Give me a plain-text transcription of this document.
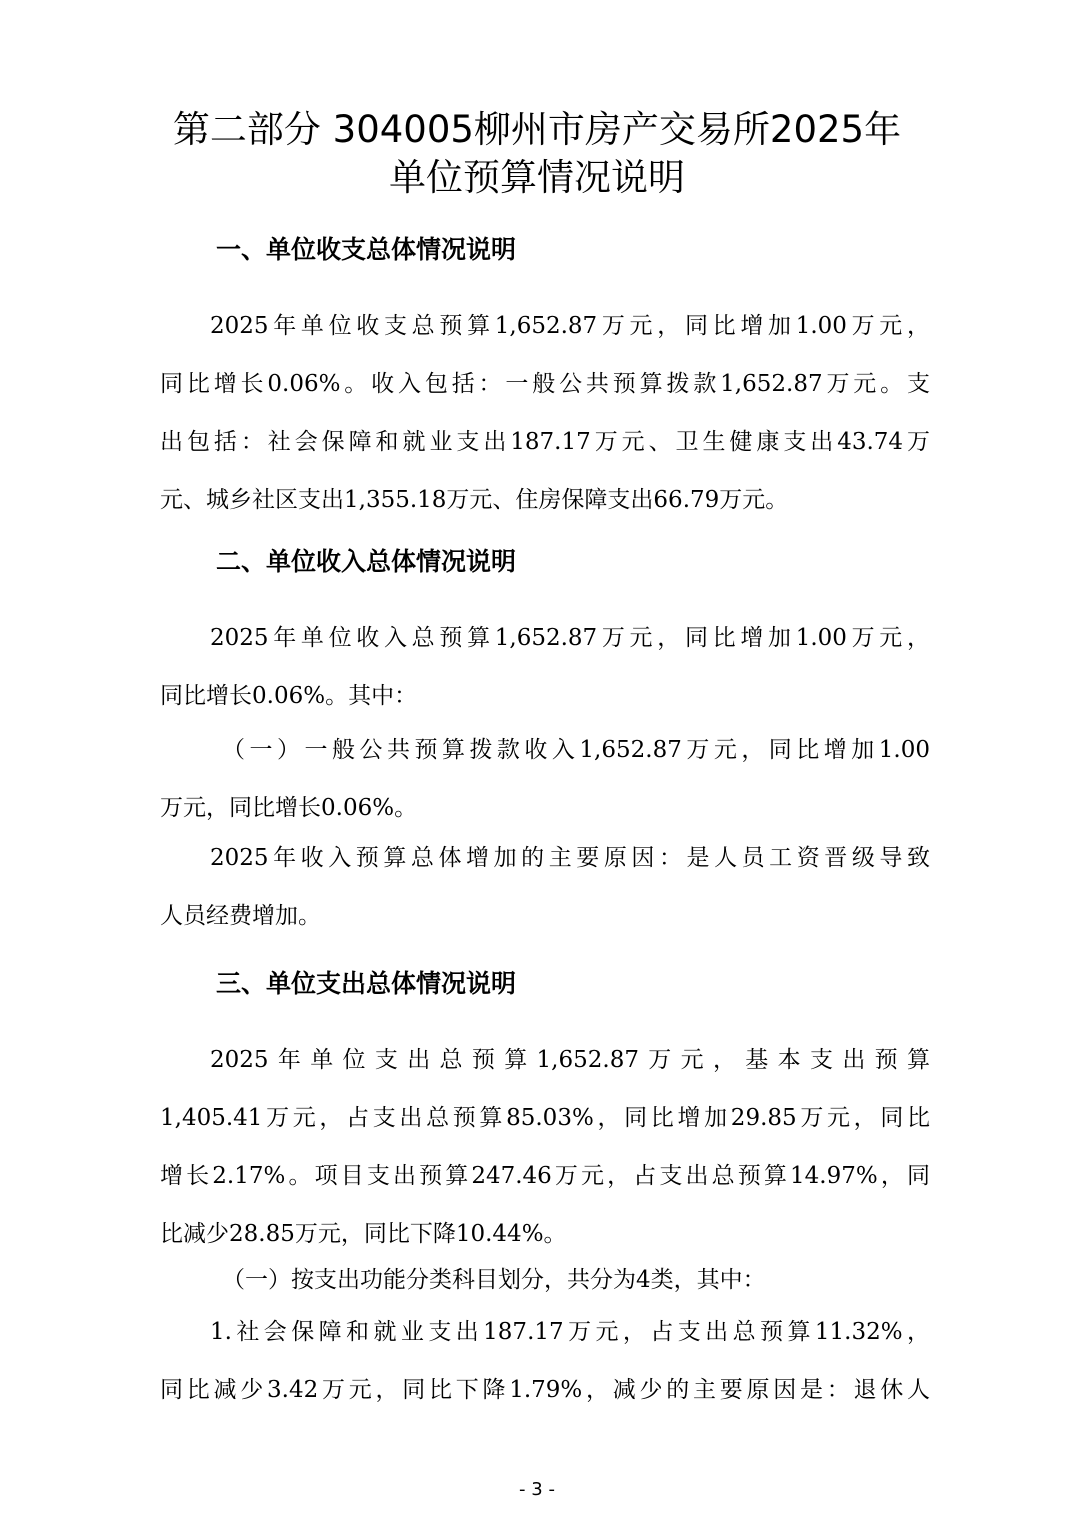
第二部分 304005柳州市房产交易所2025年
单位预算情况说明
一、单位收支总体情况说明
2025年单位收支总预算1,652.87万元，同比增加1.00万元，
同比增长0.06%。收入包括：一般公共预算拨款1,652.87万元。支
出包括：社会保障和就业支出187.17万元、卫生健康支出43.74万
元、城乡社区支出1,355.18万元、住房保障支出66.79万元。
二、单位收入总体情况说明
2025年单位收入总预算1,652.87万元，同比增加1.00万元，
同比增长0.06%。其中：
（一）一般公共预算拨款收入1,652.87万元，同比增加1.00
万元，同比增长0.06%。
2025年收入预算总体增加的主要原因：是人员工资晋级导致
人员经费增加。
三、单位支出总体情况说明
2025年单位支出总预算1,652.87万元，基本支出预算
1,405.41万元，占支出总预算85.03%，同比增加29.85万元，同比
增长2.17%。项目支出预算247.46万元，占支出总预算14.97%，同
比减少28.85万元，同比下降10.44%。
（一）按支出功能分类科目划分，共分为4类，其中：
1.社会保障和就业支出187.17万元，占支出总预算11.32%，
同比减少3.42万元，同比下降1.79%，减少的主要原因是：退休人
- 3 -
